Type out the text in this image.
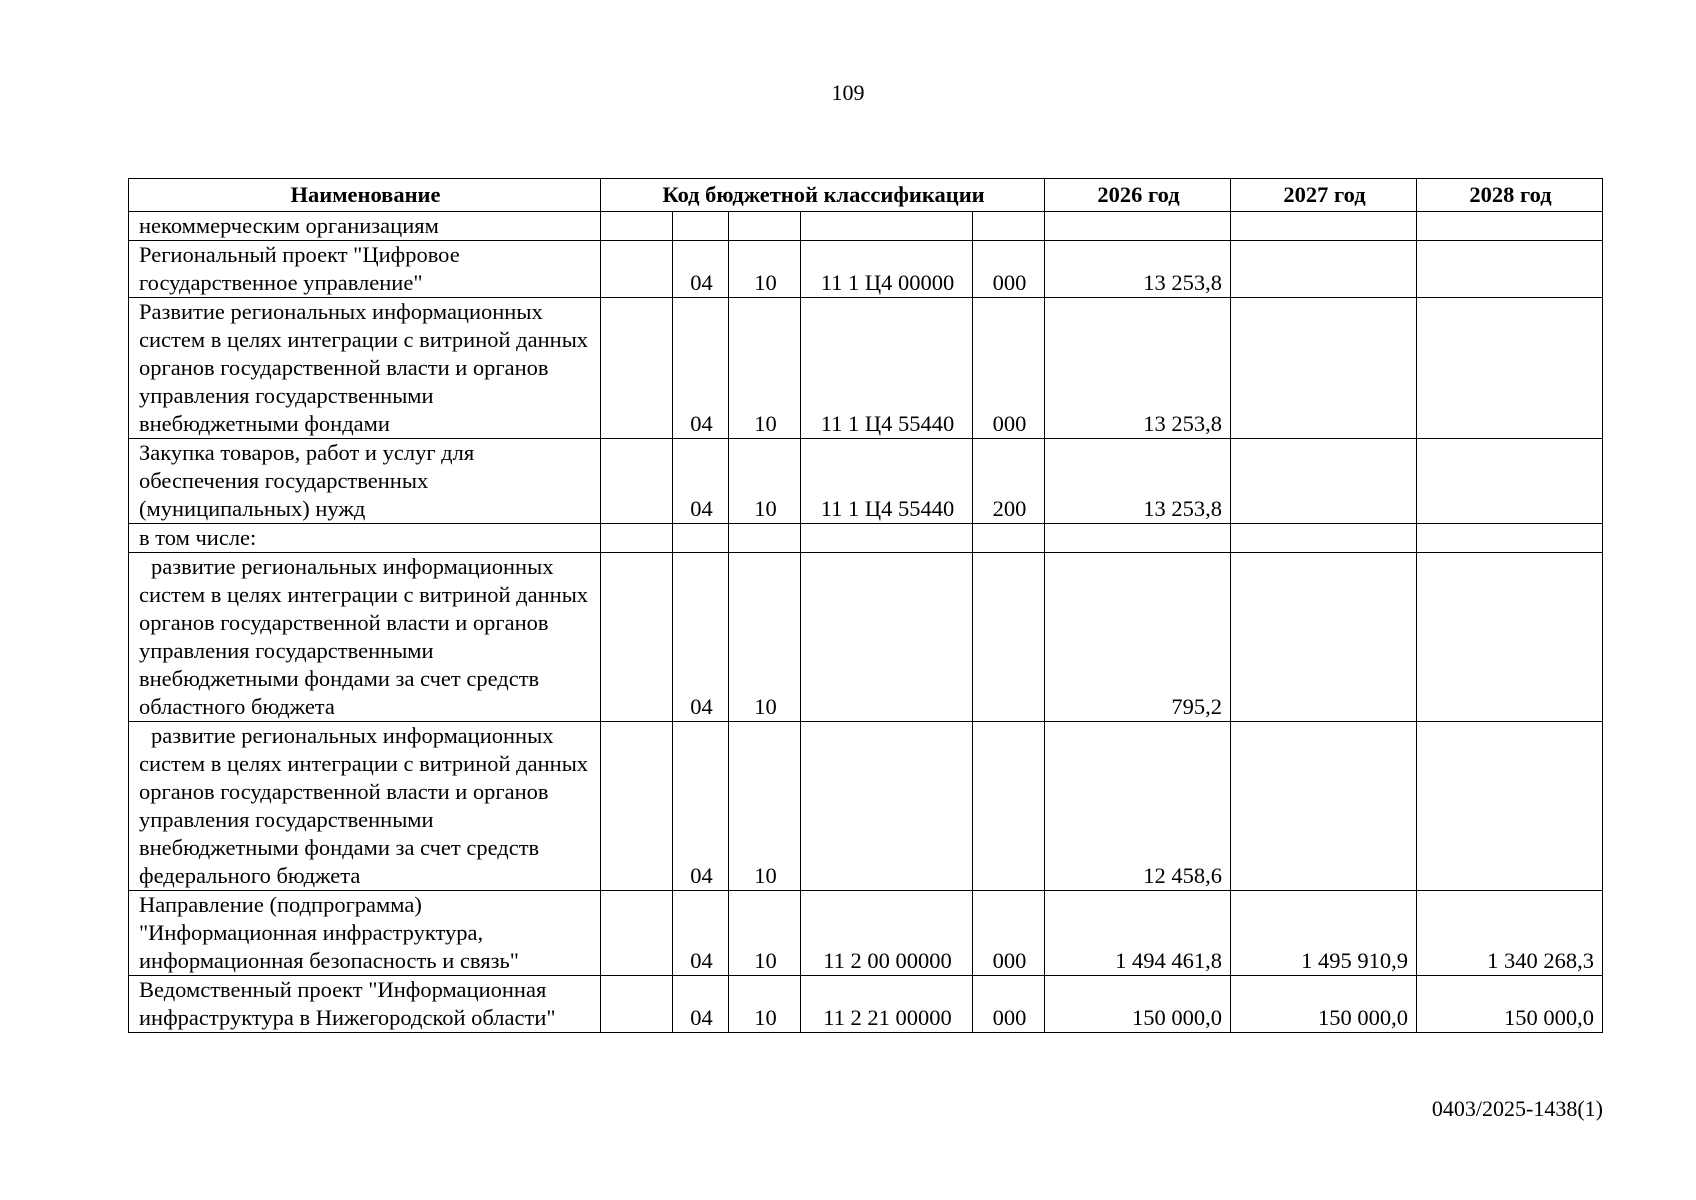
109
Наименование	Код бюджетной классификации					2026 год	2027 год	2028 год
некоммерческим организациям								
Региональный проект "Цифровое государственное управление"		04	10	11 1 Ц4 00000	000	13 253,8		
Развитие региональных информационных систем в целях интеграции с витриной данных органов государственной власти и органов управления государственными внебюджетными фондами		04	10	11 1 Ц4 55440	000	13 253,8		
Закупка товаров, работ и услуг для обеспечения государственных (муниципальных) нужд		04	10	11 1 Ц4 55440	200	13 253,8		
в том числе:								
развитие региональных информационных систем в целях интеграции с витриной данных органов государственной власти и органов управления государственными внебюджетными фондами за счет средств областного бюджета		04	10			795,2		
развитие региональных информационных систем в целях интеграции с витриной данных органов государственной власти и органов управления государственными внебюджетными фондами за счет средств федерального бюджета		04	10			12 458,6		
Направление (подпрограмма) "Информационная инфраструктура, информационная безопасность и связь"		04	10	11 2 00 00000	000	1 494 461,8	1 495 910,9	1 340 268,3
Ведомственный проект "Информационная инфраструктура в Нижегородской области"		04	10	11 2 21 00000	000	150 000,0	150 000,0	150 000,0
0403/2025-1438(1)
